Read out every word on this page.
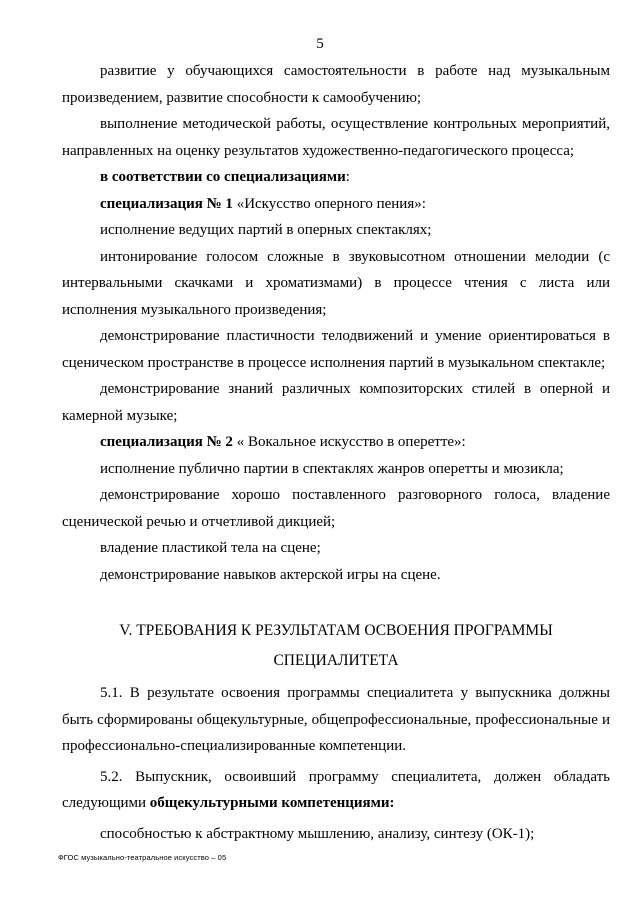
5

развитие у обучающихся самостоятельности в работе над музыкальным произведением, развитие способности к самообучению;

выполнение методической работы, осуществление контрольных мероприятий, направленных на оценку результатов художественно-педагогического процесса;

в соответствии со специализациями:

специализация № 1 «Искусство оперного пения»:

исполнение ведущих партий в оперных спектаклях;

интонирование голосом сложные в звуковысотном отношении мелодии (с интервальными скачками и хроматизмами) в процессе чтения с листа или исполнения музыкального произведения;

демонстрирование пластичности телодвижений и умение ориентироваться в сценическом пространстве в процессе исполнения партий в музыкальном спектакле;

демонстрирование знаний различных композиторских стилей в оперной и камерной музыке;

специализация № 2 « Вокальное искусство в оперетте»:

исполнение публично партии в спектаклях жанров оперетты и мюзикла;

демонстрирование хорошо поставленного разговорного голоса, владение сценической речью и отчетливой дикцией;

владение пластикой тела на сцене;

демонстрирование навыков актерской игры на сцене.

V. ТРЕБОВАНИЯ К РЕЗУЛЬТАТАМ ОСВОЕНИЯ ПРОГРАММЫ
СПЕЦИАЛИТЕТА

5.1. В результате освоения программы специалитета у выпускника должны быть сформированы общекультурные, общепрофессиональные, профессиональные и профессионально-специализированные компетенции.

5.2. Выпускник, освоивший программу специалитета, должен обладать следующими общекультурными компетенциями:

способностью к абстрактному мышлению, анализу, синтезу (ОК-1);

ФГОС музыкально-театральное искусство – 05
